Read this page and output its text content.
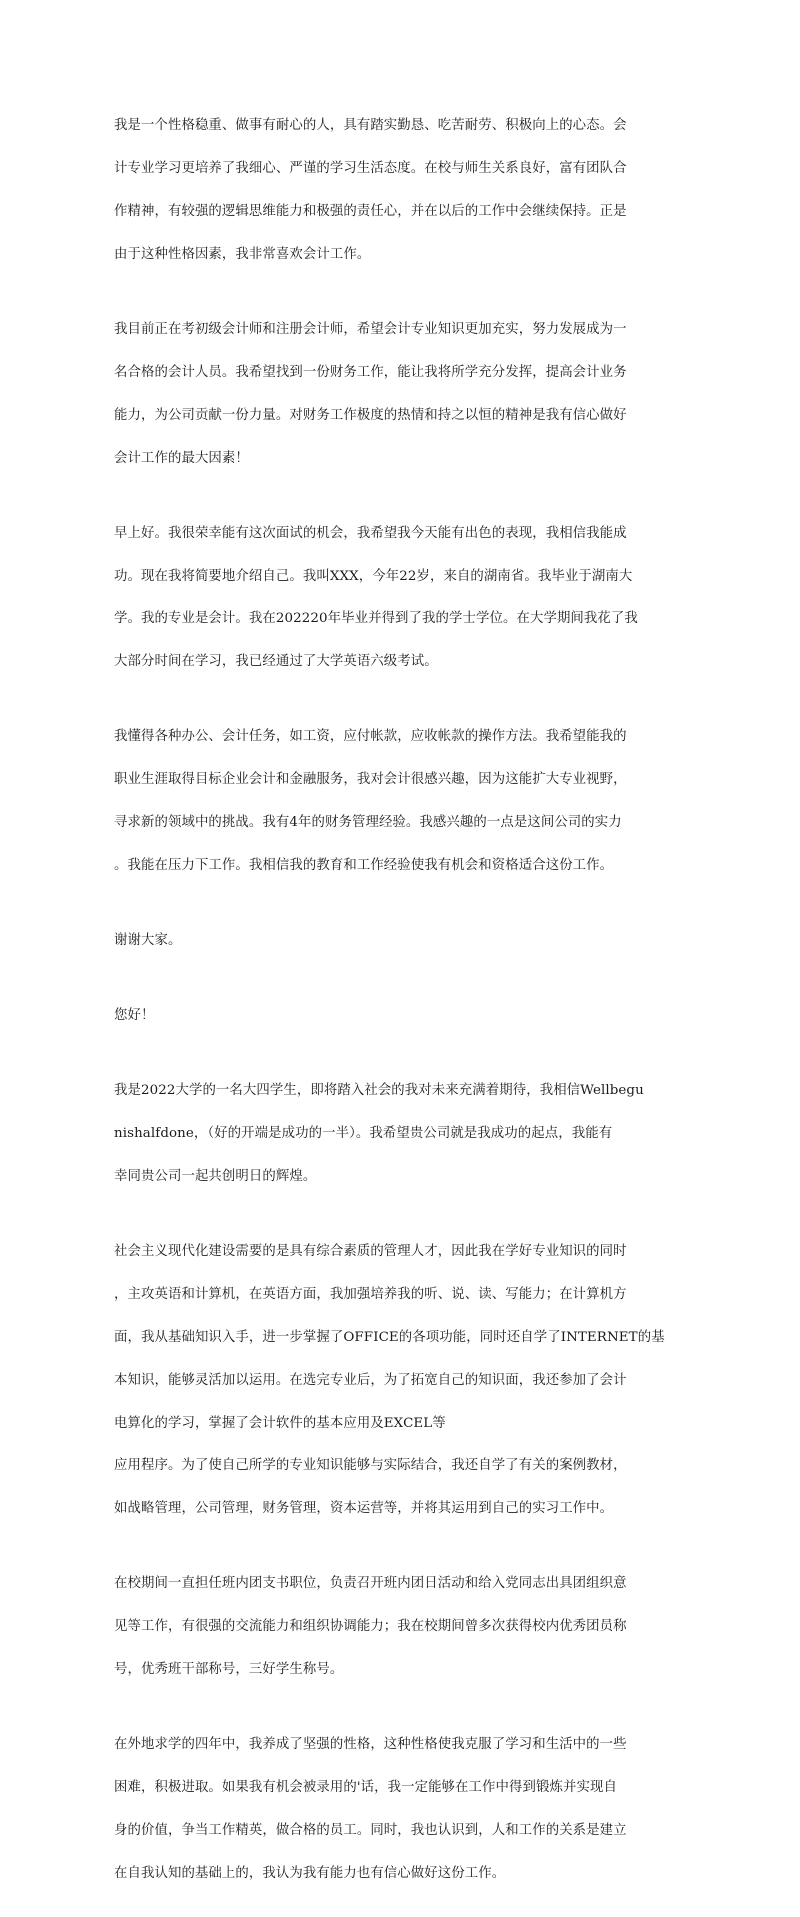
我是一个性格稳重、做事有耐心的人，具有踏实勤恳、吃苦耐劳、积极向上的心态。会

计专业学习更培养了我细心、严谨的学习生活态度。在校与师生关系良好，富有团队合

作精神，有较强的逻辑思维能力和极强的责任心，并在以后的工作中会继续保持。正是

由于这种性格因素，我非常喜欢会计工作。

我目前正在考初级会计师和注册会计师，希望会计专业知识更加充实，努力发展成为一

名合格的会计人员。我希望找到一份财务工作，能让我将所学充分发挥，提高会计业务

能力，为公司贡献一份力量。对财务工作极度的热情和持之以恒的精神是我有信心做好

会计工作的最大因素！

早上好。我很荣幸能有这次面试的机会，我希望我今天能有出色的表现，我相信我能成

功。现在我将简要地介绍自己。我叫XXX，今年22岁，来自的湖南省。我毕业于湖南大

学。我的专业是会计。我在202220年毕业并得到了我的学士学位。在大学期间我花了我

大部分时间在学习，我已经通过了大学英语六级考试。

我懂得各种办公、会计任务，如工资，应付帐款，应收帐款的操作方法。我希望能我的

职业生涯取得目标企业会计和金融服务，我对会计很感兴趣，因为这能扩大专业视野，

寻求新的领域中的挑战。我有4年的财务管理经验。我感兴趣的一点是这间公司的实力

。我能在压力下工作。我相信我的教育和工作经验使我有机会和资格适合这份工作。

谢谢大家。

您好！

我是2022大学的一名大四学生，即将踏入社会的我对未来充满着期待，我相信Wellbegu

nishalfdone，（好的开端是成功的一半）。我希望贵公司就是我成功的起点，我能有

幸同贵公司一起共创明日的辉煌。

社会主义现代化建设需要的是具有综合素质的管理人才，因此我在学好专业知识的同时

，主攻英语和计算机，在英语方面，我加强培养我的听、说、读、写能力；在计算机方

面，我从基础知识入手，进一步掌握了OFFICE的各项功能，同时还自学了INTERNET的基

本知识，能够灵活加以运用。在选完专业后，为了拓宽自己的知识面，我还参加了会计

电算化的学习，掌握了会计软件的基本应用及EXCEL等

应用程序。为了使自己所学的专业知识能够与实际结合，我还自学了有关的案例教材，

如战略管理，公司管理，财务管理，资本运营等，并将其运用到自己的实习工作中。

在校期间一直担任班内团支书职位，负责召开班内团日活动和给入党同志出具团组织意

见等工作，有很强的交流能力和组织协调能力；我在校期间曾多次获得校内优秀团员称

号，优秀班干部称号，三好学生称号。

在外地求学的四年中，我养成了坚强的性格，这种性格使我克服了学习和生活中的一些

困难，积极进取。如果我有机会被录用的'话，我一定能够在工作中得到锻炼并实现自

身的价值，争当工作精英，做合格的员工。同时，我也认识到，人和工作的关系是建立

在自我认知的基础上的，我认为我有能力也有信心做好这份工作。
